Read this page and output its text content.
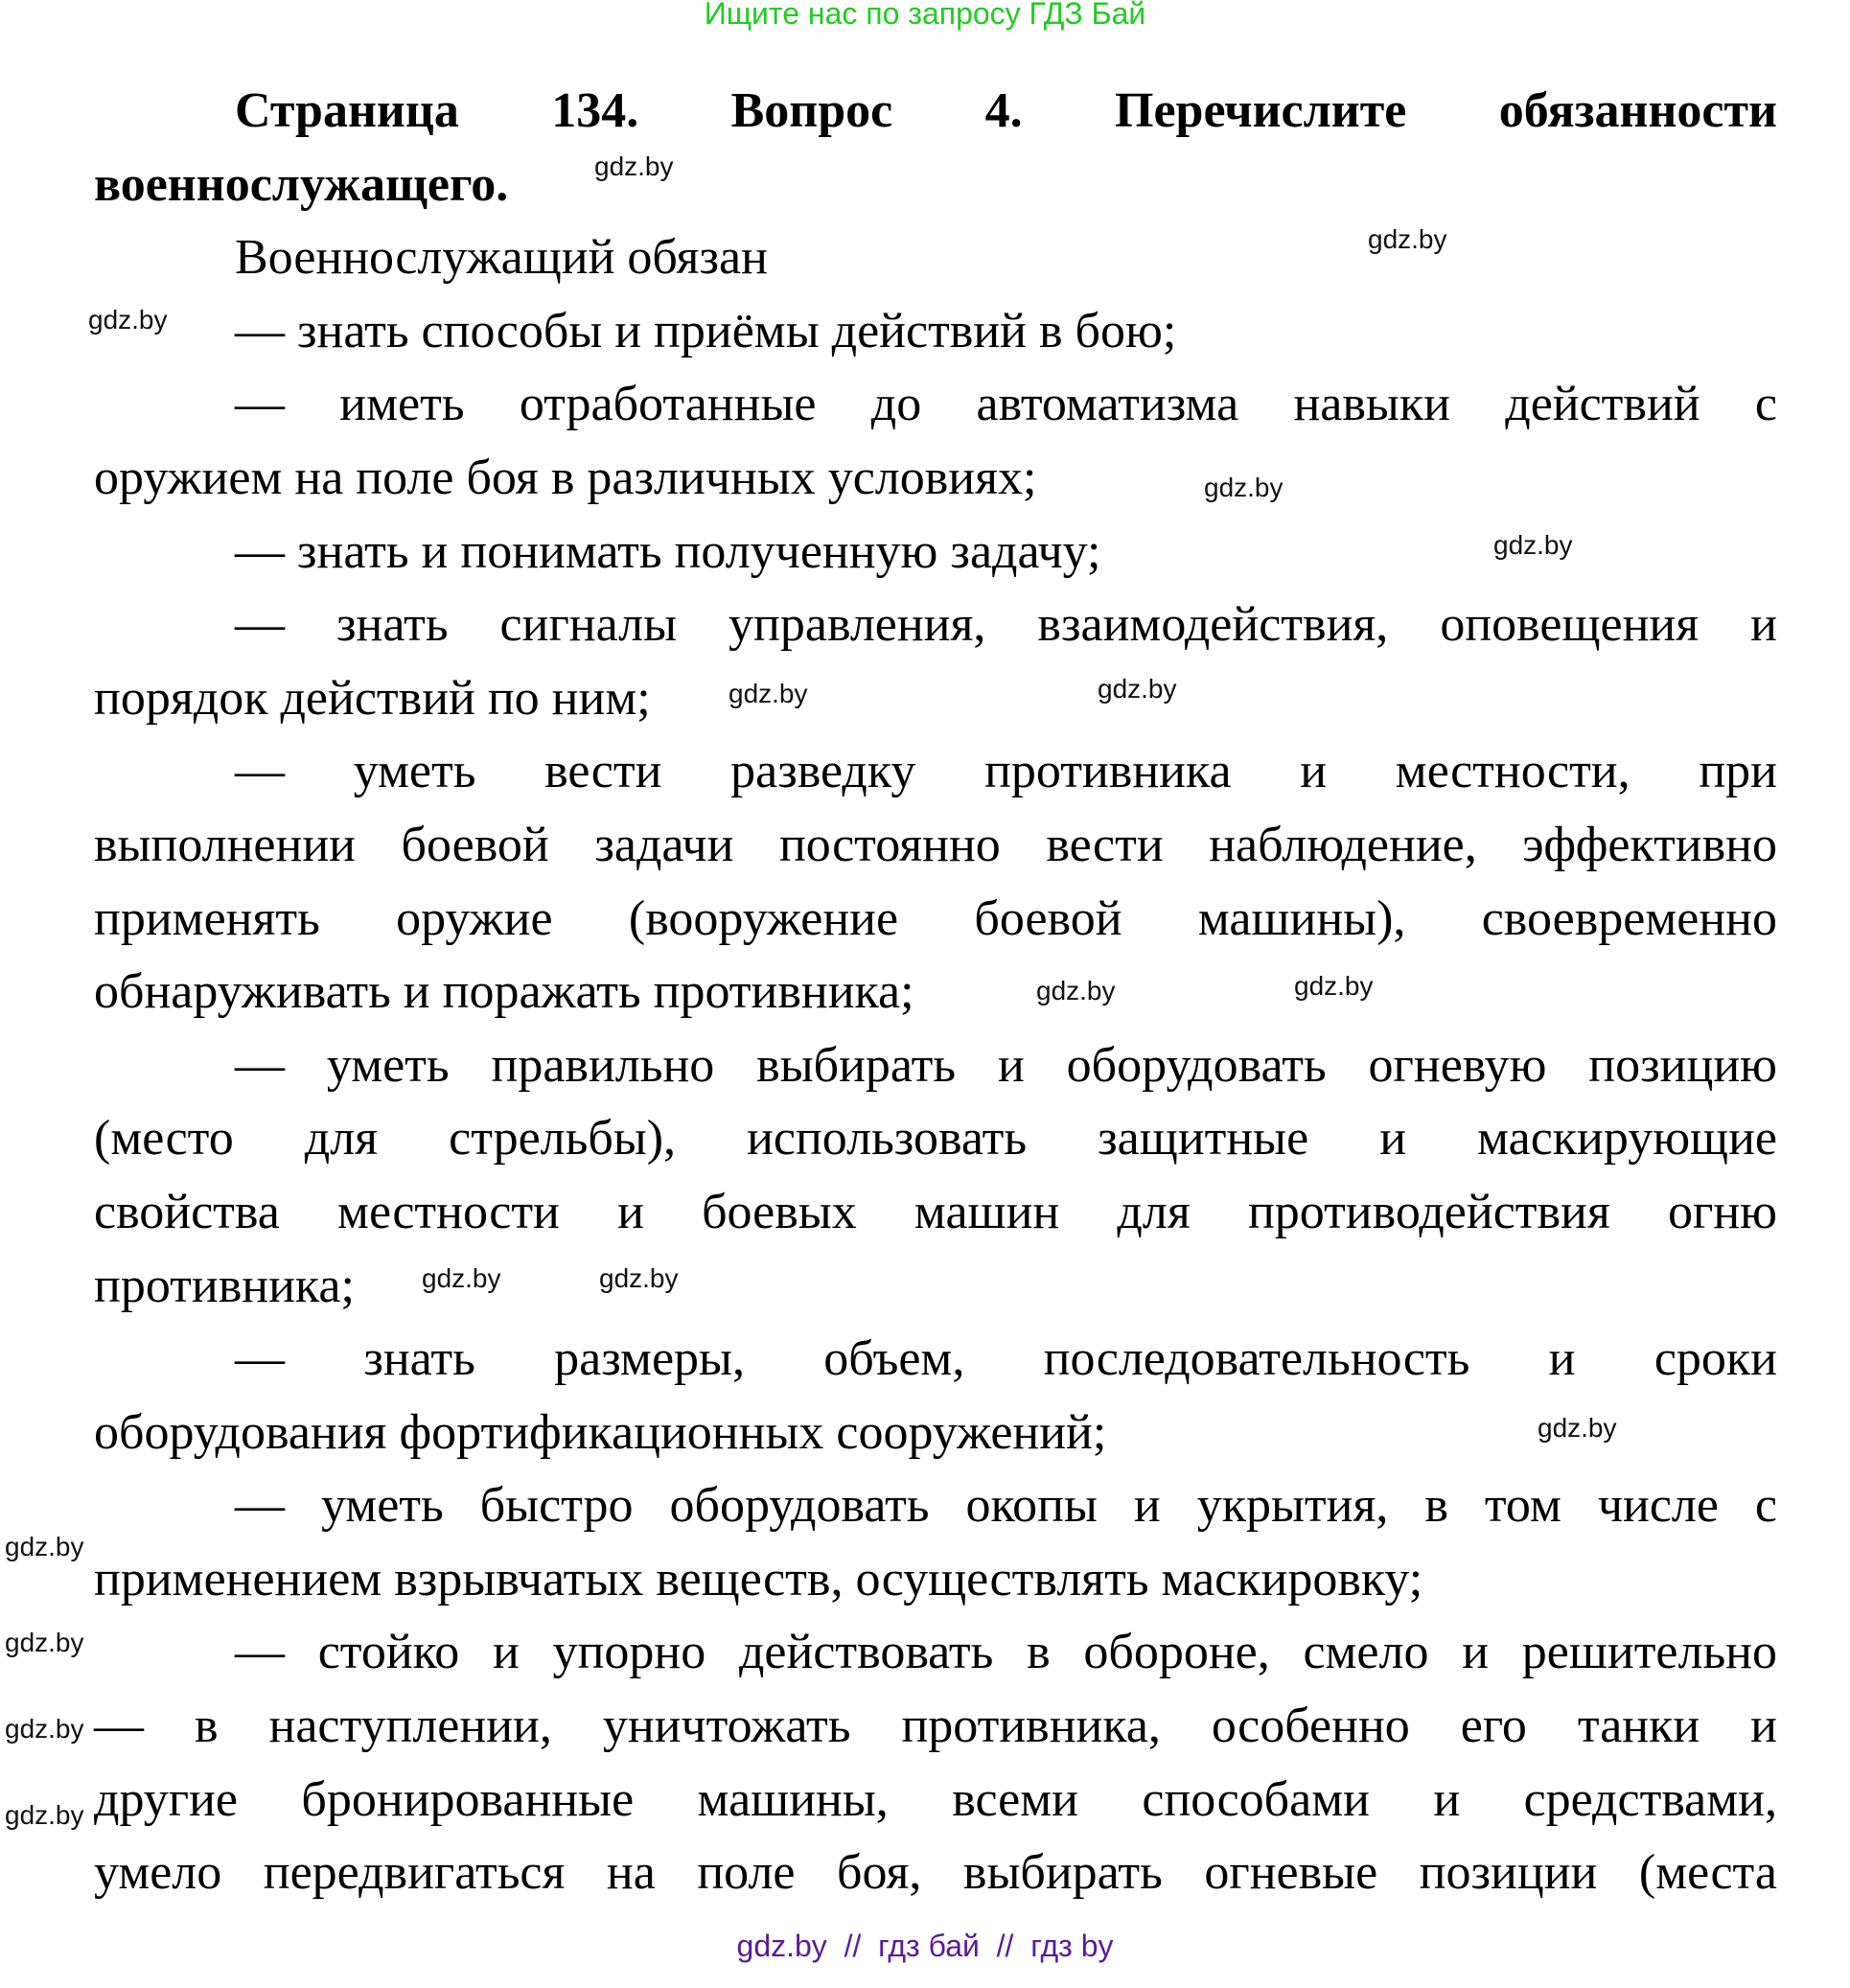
Ищите нас по запросу ГДЗ Бай
Страница 134. Вопрос 4. Перечислите обязанности
военнослужащего.
Военнослужащий обязан
— знать способы и приёмы действий в бою;
— иметь отработанные до автоматизма навыки действий с
оружием на поле боя в различных условиях;
— знать и понимать полученную задачу;
— знать сигналы управления, взаимодействия, оповещения и
порядок действий по ним;
— уметь вести разведку противника и местности, при
выполнении боевой задачи постоянно вести наблюдение, эффективно
применять оружие (вооружение боевой машины), своевременно
обнаруживать и поражать противника;
— уметь правильно выбирать и оборудовать огневую позицию
(место для стрельбы), использовать защитные и маскирующие
свойства местности и боевых машин для противодействия огню
противника;
— знать размеры, объем, последовательность и сроки
оборудования фортификационных сооружений;
— уметь быстро оборудовать окопы и укрытия, в том числе с
применением взрывчатых веществ, осуществлять маскировку;
— стойко и упорно действовать в обороне, смело и решительно
— в наступлении, уничтожать противника, особенно его танки и
другие бронированные машины, всеми способами и средствами,
умело передвигаться на поле боя, выбирать огневые позиции (места
gdz.by
gdz.by
gdz.by
gdz.by
gdz.by
gdz.by
gdz.by
gdz.by
gdz.by
gdz.by
gdz.by
gdz.by
gdz.by
gdz.by
gdz.by
gdz.by
gdz.by  //  гдз бай  //  гдз by
